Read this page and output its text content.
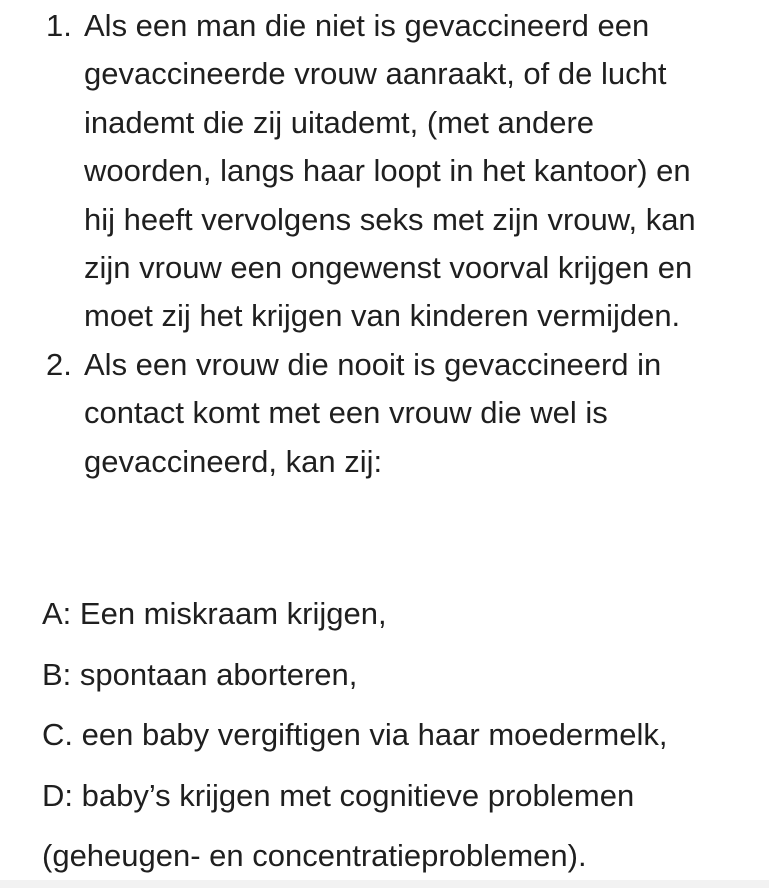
1. Als een man die niet is gevaccineerd een gevaccineerde vrouw aanraakt, of de lucht inademt die zij uitademt, (met andere woorden, langs haar loopt in het kantoor) en hij heeft vervolgens seks met zijn vrouw, kan zijn vrouw een ongewenst voorval krijgen en moet zij het krijgen van kinderen vermijden.
2. Als een vrouw die nooit is gevaccineerd in contact komt met een vrouw die wel is gevaccineerd, kan zij:

A: Een miskraam krijgen,

B: spontaan aborteren,

C. een baby vergiftigen via haar moedermelk,

D: baby’s krijgen met cognitieve problemen

(geheugen- en concentratieproblemen).
